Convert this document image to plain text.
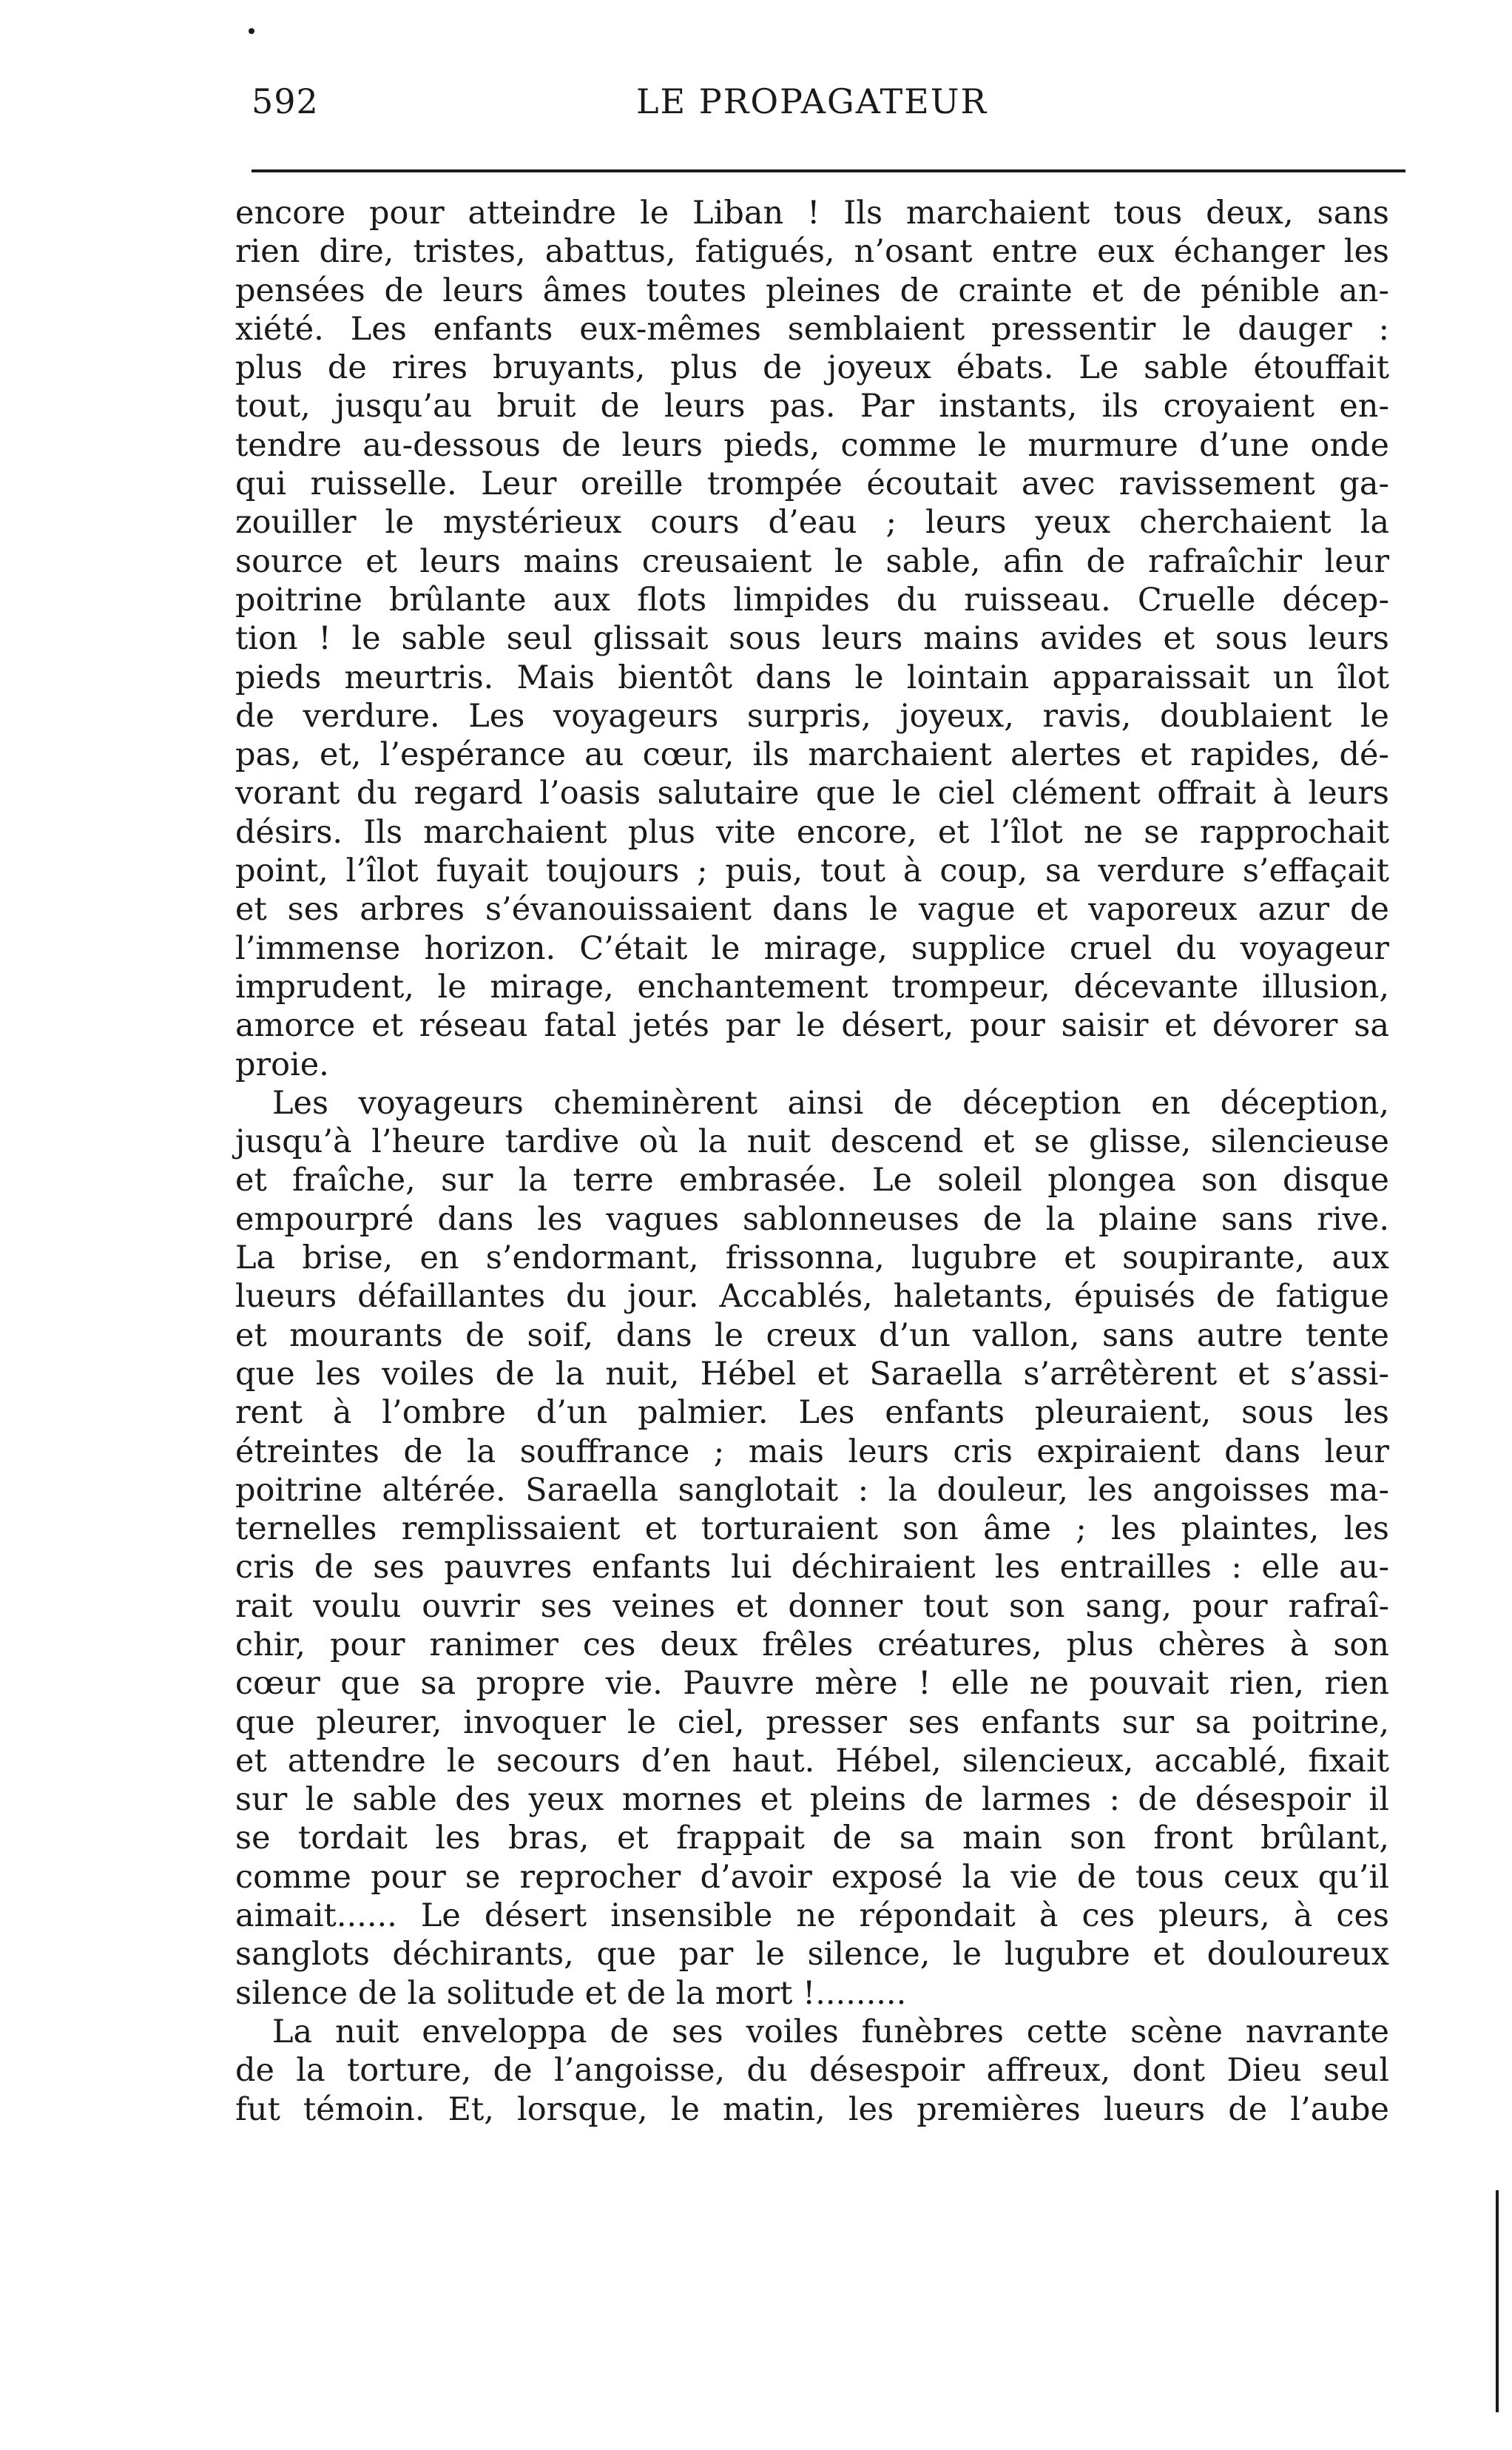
592	LE PROPAGATEUR
encore pour atteindre le Liban ! Ils marchaient tous deux, sans
rien dire, tristes, abattus, fatigués, n’osant entre eux échanger les
pensées de leurs âmes toutes pleines de crainte et de pénible an-
xiété. Les enfants eux-mêmes semblaient pressentir le dauger :
plus de rires bruyants, plus de joyeux ébats. Le sable étouffait
tout, jusqu’au bruit de leurs pas. Par instants, ils croyaient en-
tendre au-dessous de leurs pieds, comme le murmure d’une onde
qui ruisselle. Leur oreille trompée écoutait avec ravissement ga-
zouiller le mystérieux cours d’eau ; leurs yeux cherchaient la
source et leurs mains creusaient le sable, afin de rafraîchir leur
poitrine brûlante aux flots limpides du ruisseau. Cruelle décep-
tion ! le sable seul glissait sous leurs mains avides et sous leurs
pieds meurtris. Mais bientôt dans le lointain apparaissait un îlot
de verdure. Les voyageurs surpris, joyeux, ravis, doublaient le
pas, et, l’espérance au cœur, ils marchaient alertes et rapides, dé-
vorant du regard l’oasis salutaire que le ciel clément offrait à leurs
désirs. Ils marchaient plus vite encore, et l’îlot ne se rapprochait
point, l’îlot fuyait toujours ; puis, tout à coup, sa verdure s’effaçait
et ses arbres s’évanouissaient dans le vague et vaporeux azur de
l’immense horizon. C’était le mirage, supplice cruel du voyageur
imprudent, le mirage, enchantement trompeur, décevante illusion,
amorce et réseau fatal jetés par le désert, pour saisir et dévorer sa
proie.
Les voyageurs cheminèrent ainsi de déception en déception,
jusqu’à l’heure tardive où la nuit descend et se glisse, silencieuse
et fraîche, sur la terre embrasée. Le soleil plongea son disque
empourpré dans les vagues sablonneuses de la plaine sans rive.
La brise, en s’endormant, frissonna, lugubre et soupirante, aux
lueurs défaillantes du jour. Accablés, haletants, épuisés de fatigue
et mourants de soif, dans le creux d’un vallon, sans autre tente
que les voiles de la nuit, Hébel et Saraella s’arrêtèrent et s’assi-
rent à l’ombre d’un palmier. Les enfants pleuraient, sous les
étreintes de la souffrance ; mais leurs cris expiraient dans leur
poitrine altérée. Saraella sanglotait : la douleur, les angoisses ma-
ternelles remplissaient et torturaient son âme ; les plaintes, les
cris de ses pauvres enfants lui déchiraient les entrailles : elle au-
rait voulu ouvrir ses veines et donner tout son sang, pour rafraî-
chir, pour ranimer ces deux frêles créatures, plus chères à son
cœur que sa propre vie. Pauvre mère ! elle ne pouvait rien, rien
que pleurer, invoquer le ciel, presser ses enfants sur sa poitrine,
et attendre le secours d’en haut. Hébel, silencieux, accablé, fixait
sur le sable des yeux mornes et pleins de larmes : de désespoir il
se tordait les bras, et frappait de sa main son front brûlant,
comme pour se reprocher d’avoir exposé la vie de tous ceux qu’il
aimait...... Le désert insensible ne répondait à ces pleurs, à ces
sanglots déchirants, que par le silence, le lugubre et douloureux
silence de la solitude et de la mort !.........
La nuit enveloppa de ses voiles funèbres cette scène navrante
de la torture, de l’angoisse, du désespoir affreux, dont Dieu seul
fut témoin. Et, lorsque, le matin, les premières lueurs de l’aube
